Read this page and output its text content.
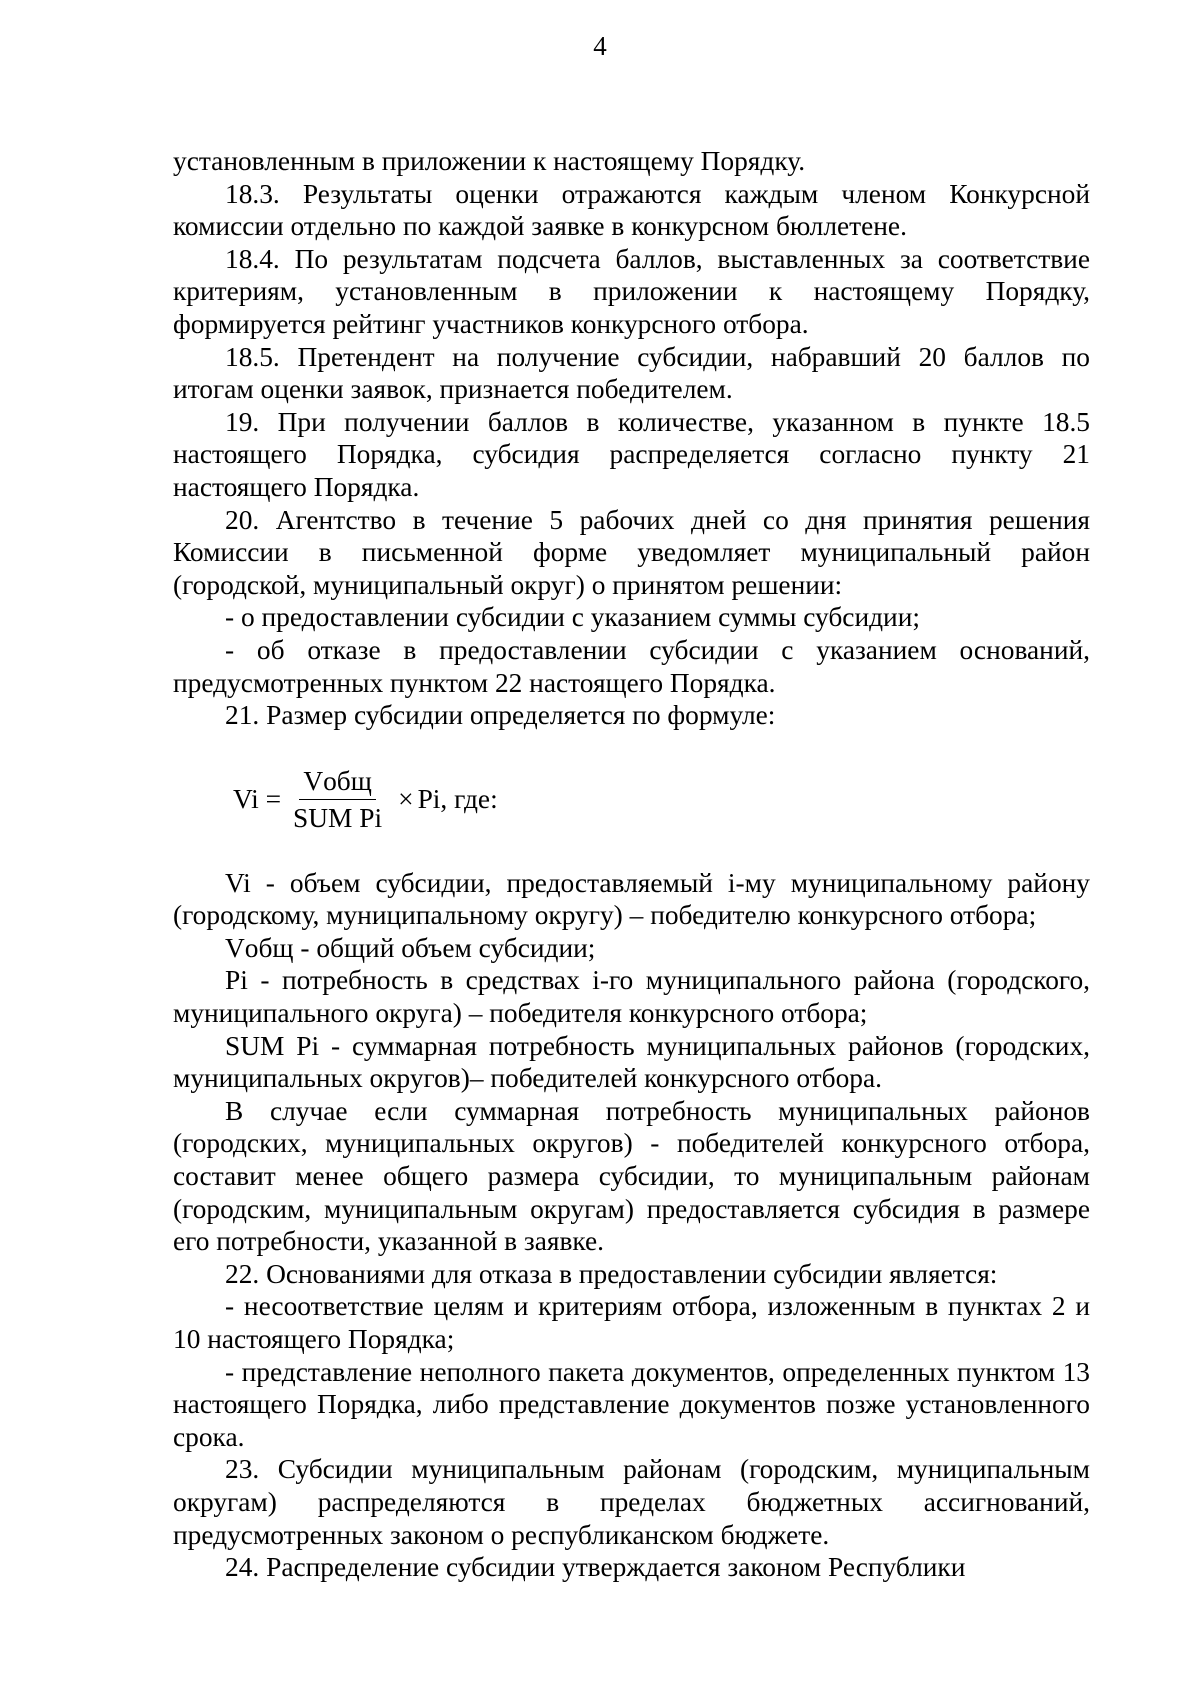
4

установленным в приложении к настоящему Порядку.

18.3. Результаты оценки отражаются каждым членом Конкурсной комиссии отдельно по каждой заявке в конкурсном бюллетене.

18.4. По результатам подсчета баллов, выставленных за соответствие критериям, установленным в приложении к настоящему Порядку, формируется рейтинг участников конкурсного отбора.

18.5. Претендент на получение субсидии, набравший 20 баллов по итогам оценки заявок, признается победителем.

19. При получении баллов в количестве, указанном в пункте 18.5 настоящего Порядка, субсидия распределяется согласно пункту 21 настоящего Порядка.

20. Агентство в течение 5 рабочих дней со дня принятия решения Комиссии в письменной форме уведомляет муниципальный район (городской, муниципальный округ) о принятом решении:

- о предоставлении субсидии с указанием суммы субсидии;

- об отказе в предоставлении субсидии с указанием оснований, предусмотренных пунктом 22 настоящего Порядка.

21. Размер субсидии определяется по формуле:

$Vi = \frac{\text{Vобщ}}{\text{SUM Pi}} \times Pi$, где:

Vi - объем субсидии, предоставляемый i-му муниципальному району (городскому, муниципальному округу) – победителю конкурсного отбора;

Vобщ - общий объем субсидии;

Pi - потребность в средствах i-го муниципального района (городского, муниципального округа) – победителя конкурсного отбора;

SUM Pi - суммарная потребность муниципальных районов (городских, муниципальных округов)– победителей конкурсного отбора.

В случае если суммарная потребность муниципальных районов (городских, муниципальных округов) - победителей конкурсного отбора, составит менее общего размера субсидии, то муниципальным районам (городским, муниципальным округам) предоставляется субсидия в размере его потребности, указанной в заявке.

22. Основаниями для отказа в предоставлении субсидии является:

- несоответствие целям и критериям отбора, изложенным в пунктах 2 и 10 настоящего Порядка;

- представление неполного пакета документов, определенных пунктом 13 настоящего Порядка, либо представление документов позже установленного срока.

23. Субсидии муниципальным районам (городским, муниципальным округам) распределяются в пределах бюджетных ассигнований, предусмотренных законом о республиканском бюджете.

24. Распределение субсидии утверждается законом Республики
